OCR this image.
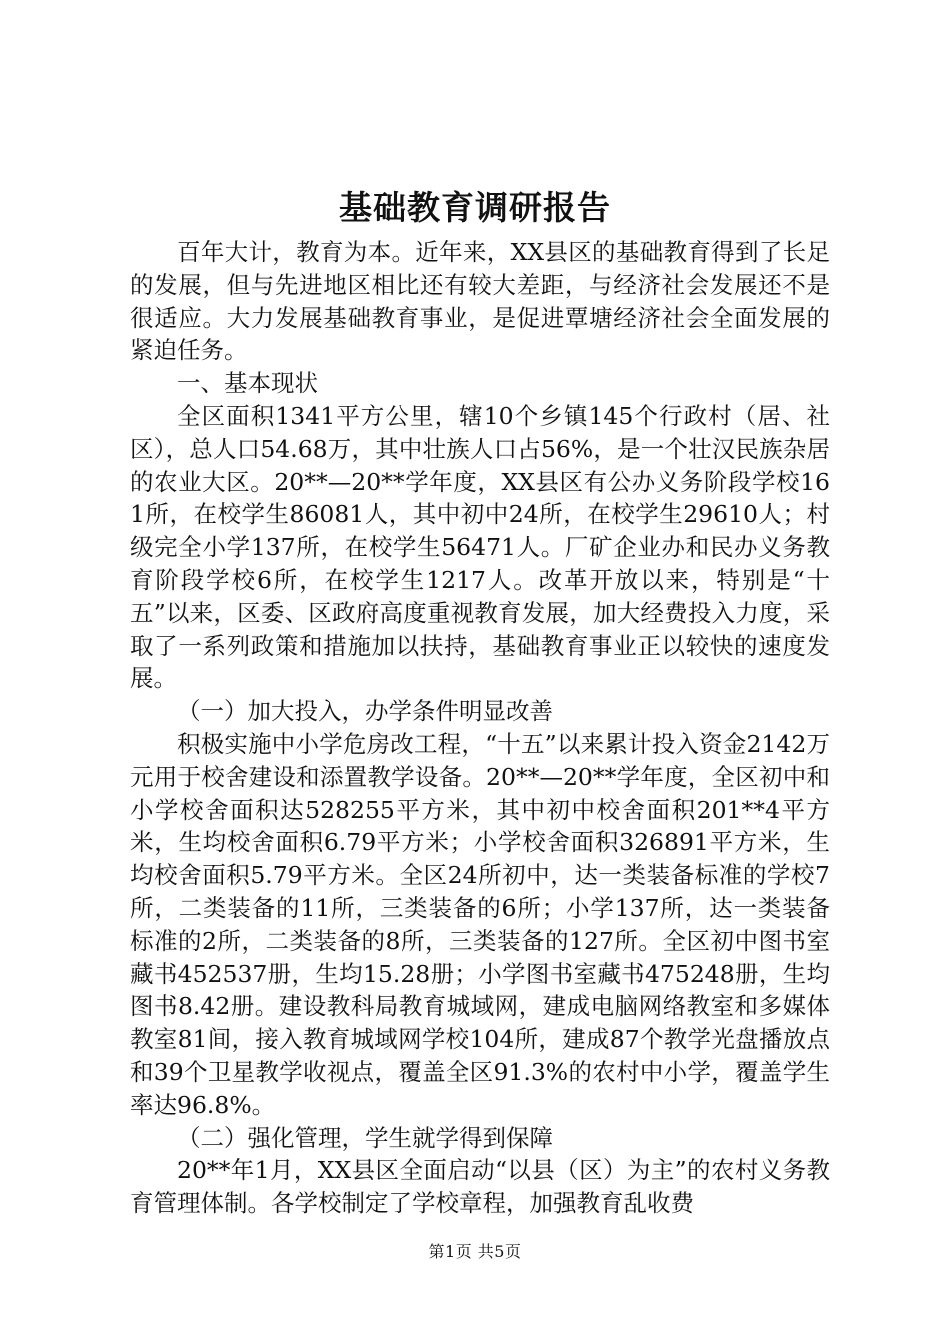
基础教育调研报告

百年大计，教育为本。近年来，XX县区的基础教育得到了长足的发展，但与先进地区相比还有较大差距，与经济社会发展还不是很适应。大力发展基础教育事业，是促进覃塘经济社会全面发展的紧迫任务。

一、基本现状

全区面积1341平方公里，辖10个乡镇145个行政村（居、社区），总人口54.68万，其中壮族人口占56%，是一个壮汉民族杂居的农业大区。20**—20**学年度，XX县区有公办义务阶段学校161所，在校学生86081人，其中初中24所，在校学生29610人；村级完全小学137所，在校学生56471人。厂矿企业办和民办义务教育阶段学校6所，在校学生1217人。改革开放以来，特别是“十五”以来，区委、区政府高度重视教育发展，加大经费投入力度，采取了一系列政策和措施加以扶持，基础教育事业正以较快的速度发展。

（一）加大投入，办学条件明显改善

积极实施中小学危房改工程，“十五”以来累计投入资金2142万元用于校舍建设和添置教学设备。20**—20**学年度，全区初中和小学校舍面积达528255平方米，其中初中校舍面积201**4平方米，生均校舍面积6.79平方米；小学校舍面积326891平方米，生均校舍面积5.79平方米。全区24所初中，达一类装备标准的学校7所，二类装备的11所，三类装备的6所；小学137所，达一类装备标准的2所，二类装备的8所，三类装备的127所。全区初中图书室藏书452537册，生均15.28册；小学图书室藏书475248册，生均图书8.42册。建设教科局教育城域网，建成电脑网络教室和多媒体教室81间，接入教育城域网学校104所，建成87个教学光盘播放点和39个卫星教学收视点，覆盖全区91.3%的农村中小学，覆盖学生率达96.8%。

（二）强化管理，学生就学得到保障

20**年1月，XX县区全面启动“以县（区）为主”的农村义务教育管理体制。各学校制定了学校章程，加强教育乱收费

第1页 共5页
